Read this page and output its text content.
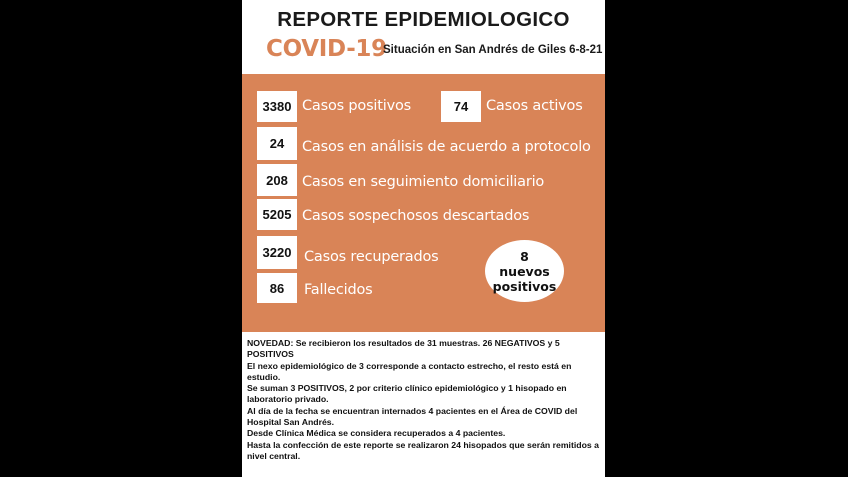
REPORTE EPIDEMIOLOGICO
COVID-19
Situación en San Andrés de Giles 6-8-21
3380 Casos positivos	74	Casos activos
24	Casos en análisis de acuerdo a protocolo
208 Casos en seguimiento domiciliario
5205 Casos sospechosos descartados
3220 Casos recuperados
86	Fallecidos
8
nuevos
positivos

NOVEDAD: Se recibieron los resultados de 31 muestras. 26 NEGATIVOS y 5 POSITIVOS

El nexo epidemiológico de 3 corresponde a contacto estrecho, el resto está en estudio.

Se suman 3 POSITIVOS, 2 por criterio clínico epidemiológico y 1 hisopado en laboratorio privado.

Al día de la fecha se encuentran internados 4 pacientes en el Área de COVID del Hospital San Andrés.

Desde Clínica Médica se considera recuperados a 4 pacientes.

Hasta la confección de este reporte se realizaron 24 hisopados que serán remitidos a nivel central.
